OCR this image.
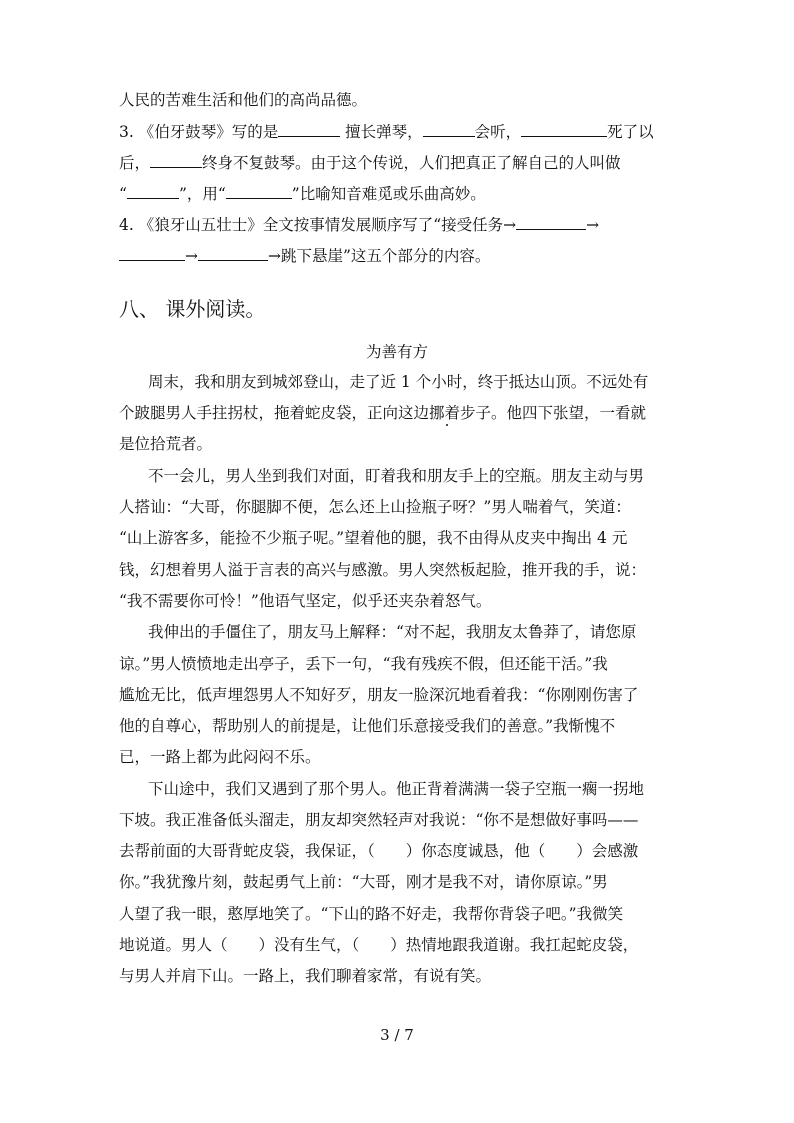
人民的苦难生活和他们的高尚品德。
3. 《伯牙鼓琴》写的是	擅长弹琴，	会听，	死了以
后，	终身不复鼓琴。由于这个传说，人们把真正了解自己的人叫做
“	”，用“	”比喻知音难觅或乐曲高妙。
4. 《狼牙山五壮士》全文按事情发展顺序写了“接受任务→	→
→	→跳下悬崖”这五个部分的内容。
八、 课外阅读。
为善有方
周末，我和朋友到城郊登山，走了近 1 个小时，终于抵达山顶。不远处有
个跛腿男人手拄拐杖，拖着蛇皮袋，正向这边挪着步子。他四下张望，一看就
是位拾荒者。
不一会儿，男人坐到我们对面，盯着我和朋友手上的空瓶。朋友主动与男
人搭讪：“大哥，你腿脚不便，怎么还上山捡瓶子呀？”男人喘着气，笑道：
“山上游客多，能捡不少瓶子呢。”望着他的腿，我不由得从皮夹中掏出 4 元
钱，幻想着男人溢于言表的高兴与感激。男人突然板起脸，推开我的手，说：
“我不需要你可怜！”他语气坚定，似乎还夹杂着怒气。
我伸出的手僵住了，朋友马上解释：“对不起，我朋友太鲁莽了，请您原
谅。”男人愤愤地走出亭子，丢下一句，“我有残疾不假，但还能干活。”我
尴尬无比，低声埋怨男人不知好歹，朋友一脸深沉地看着我：“你刚刚伤害了
他的自尊心，帮助别人的前提是，让他们乐意接受我们的善意。”我惭愧不
已，一路上都为此闷闷不乐。
下山途中，我们又遇到了那个男人。他正背着满满一袋子空瓶一瘸一拐地
下坡。我正准备低头溜走，朋友却突然轻声对我说：“你不是想做好事吗——
去帮前面的大哥背蛇皮袋，我保证，（　　）你态度诚恳，他（　　）会感激
你。”我犹豫片刻，鼓起勇气上前：“大哥，刚才是我不对，请你原谅。”男
人望了我一眼，憨厚地笑了。“下山的路不好走，我帮你背袋子吧。”我微笑
地说道。男人（　　）没有生气，（　　）热情地跟我道谢。我扛起蛇皮袋，
与男人并肩下山。一路上，我们聊着家常，有说有笑。
3 / 7
